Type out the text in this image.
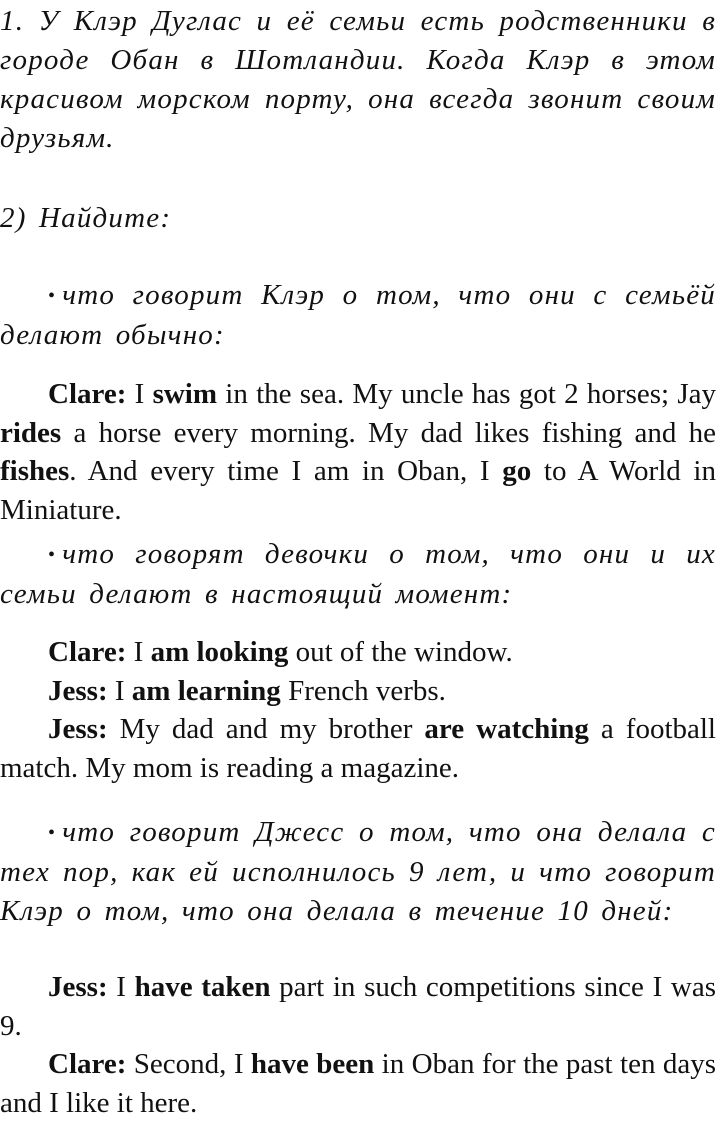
1. У Клэр Дуглас и её семьи есть родственники в городе Обан в Шотландии. Когда Клэр в этом красивом морском порту, она всегда звонит своим друзьям.

2) Найдите:

• что говорит Клэр о том, что они с семьёй делают обычно:

Clare: I swim in the sea. My uncle has got 2 horses; Jay rides a horse every morning. My dad likes fishing and he fishes. And every time I am in Oban, I go to A World in Miniature.

• что говорят девочки о том, что они и их семьи делают в настоящий момент:

Clare: I am looking out of the window.
Jess: I am learning French verbs.
Jess: My dad and my brother are watching a football match. My mom is reading a magazine.

• что говорит Джесс о том, что она делала с тех пор, как ей исполнилось 9 лет, и что говорит Клэр о том, что она делала в течение 10 дней:

Jess: I have taken part in such competitions since I was 9.
Clare: Second, I have been in Oban for the past ten days and I like it here.
